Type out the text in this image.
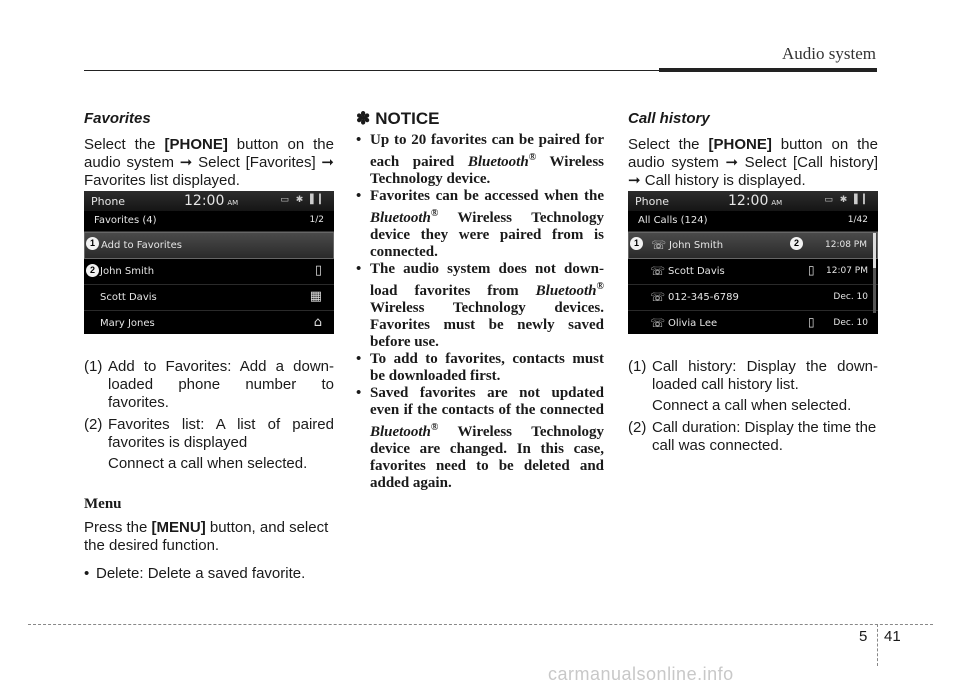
Audio system
Favorites

Select the [PHONE] button on the audio system ➞ Select [Favorites] ➞ Favorites list displayed.

(1) Add to Favorites: Add a down-loaded phone number to favorites.
(2) Favorites list: A list of paired favorites is displayed
Connect a call when selected.
Menu

Press the [MENU] button, and select the desired function.

• Delete: Delete a saved favorite.
Phone	12:00 AM	▭ ✱ ▌▎
Favorites (4)	1/2
Add to Favorites
John Smith	▯
Scott Davis	▦
Mary Jones	⌂
1
2
✽ NOTICE
• Up to 20 favorites can be paired for each paired Bluetooth® Wireless Technology device.
• Favorites can be accessed when the Bluetooth® Wireless Technology device they were paired from is connected.
• The audio system does not down-load favorites from Bluetooth® Wireless Technology devices. Favorites must be newly saved before use.
• To add to favorites, contacts must be downloaded first.
• Saved favorites are not updated even if the contacts of the connected Bluetooth® Wireless Technology device are changed. In this case, favorites need to be deleted and added again.
Call history

Select the [PHONE] button on the audio system ➞ Select [Call history] ➞ Call history is displayed.

(1) Call history: Display the down-loaded call history list.
Connect a call when selected.
(2) Call duration: Display the time the call was connected.
Phone	12:00 AM	▭ ✱ ▌▎
All Calls (124)	1/42
☏ John Smith	12:08 PM
☏ Scott Davis	▯ 12:07 PM
☏ 012-345-6789	Dec. 10
☏ Olivia Lee	▯ Dec. 10
1	2
5 41
carmanualsonline.info
